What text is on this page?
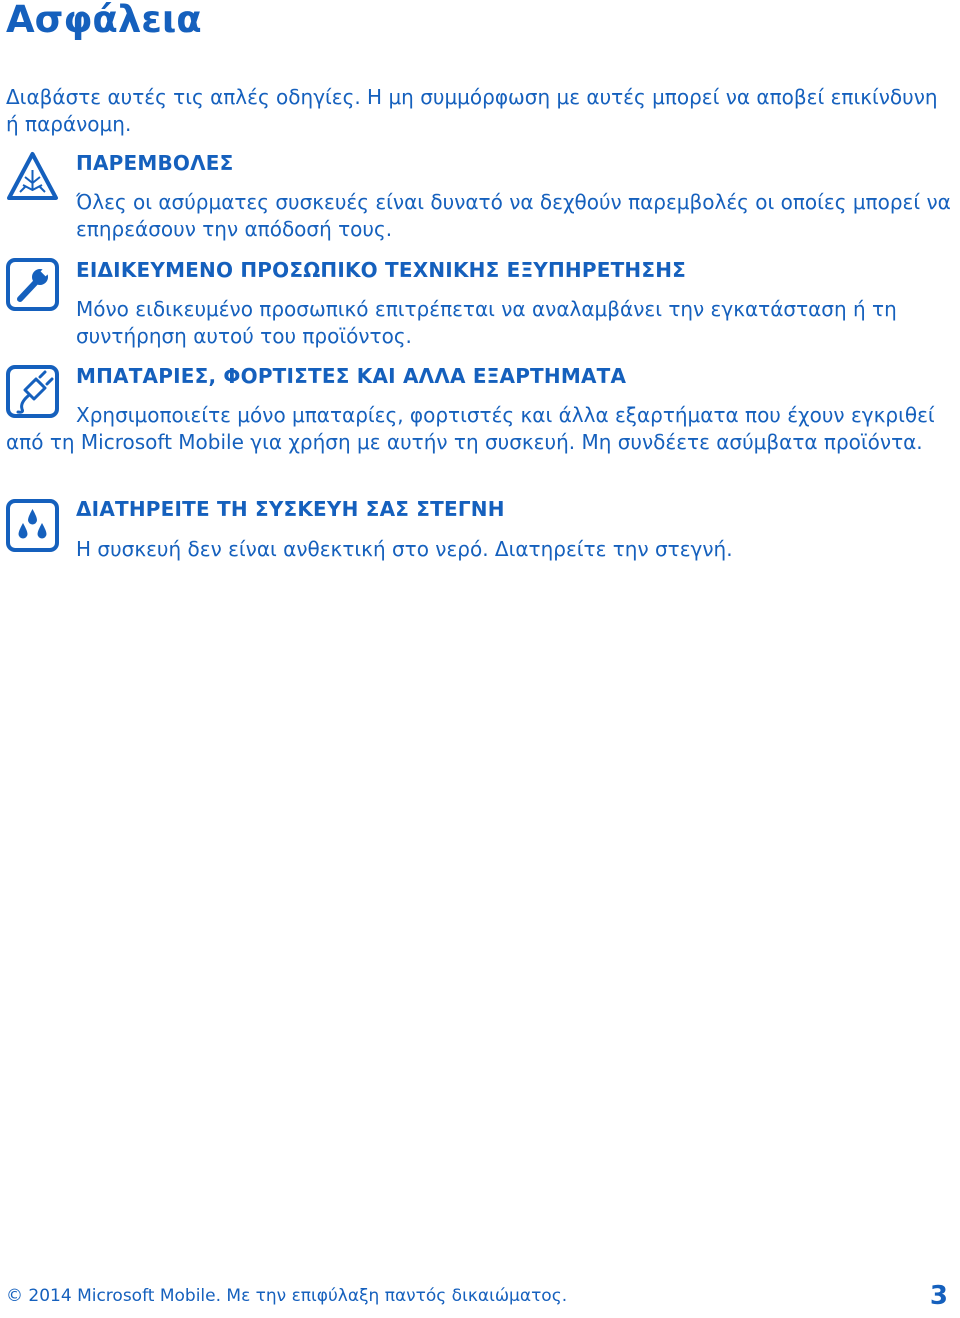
Ασφάλεια

Διαβάστε αυτές τις απλές οδηγίες. Η μη συμμόρφωση με αυτές μπορεί να αποβεί επικίνδυνη ή παράνομη.

ΠΑΡΕΜΒΟΛΕΣ

Όλες οι ασύρματες συσκευές είναι δυνατό να δεχθούν παρεμβολές οι οποίες μπορεί να επηρεάσουν την απόδοσή τους.

ΕΙΔΙΚΕΥΜΕΝΟ ΠΡΟΣΩΠΙΚΟ ΤΕΧΝΙΚΗΣ ΕΞΥΠΗΡΕΤΗΣΗΣ

Μόνο ειδικευμένο προσωπικό επιτρέπεται να αναλαμβάνει την εγκατάσταση ή τη συντήρηση αυτού του προϊόντος.

ΜΠΑΤΑΡΙΕΣ, ΦΟΡΤΙΣΤΕΣ ΚΑΙ ΑΛΛΑ ΕΞΑΡΤΗΜΑΤΑ

Χρησιμοποιείτε μόνο μπαταρίες, φορτιστές και άλλα εξαρτήματα που έχουν εγκριθεί από τη Microsoft Mobile για χρήση με αυτήν τη συσκευή. Μη συνδέετε ασύμβατα προϊόντα.

ΔΙΑΤΗΡΕΙΤΕ ΤΗ ΣΥΣΚΕΥΗ ΣΑΣ ΣΤΕΓΝΗ

Η συσκευή δεν είναι ανθεκτική στο νερό. Διατηρείτε την στεγνή.

© 2014 Microsoft Mobile. Με την επιφύλαξη παντός δικαιώματος.	3
